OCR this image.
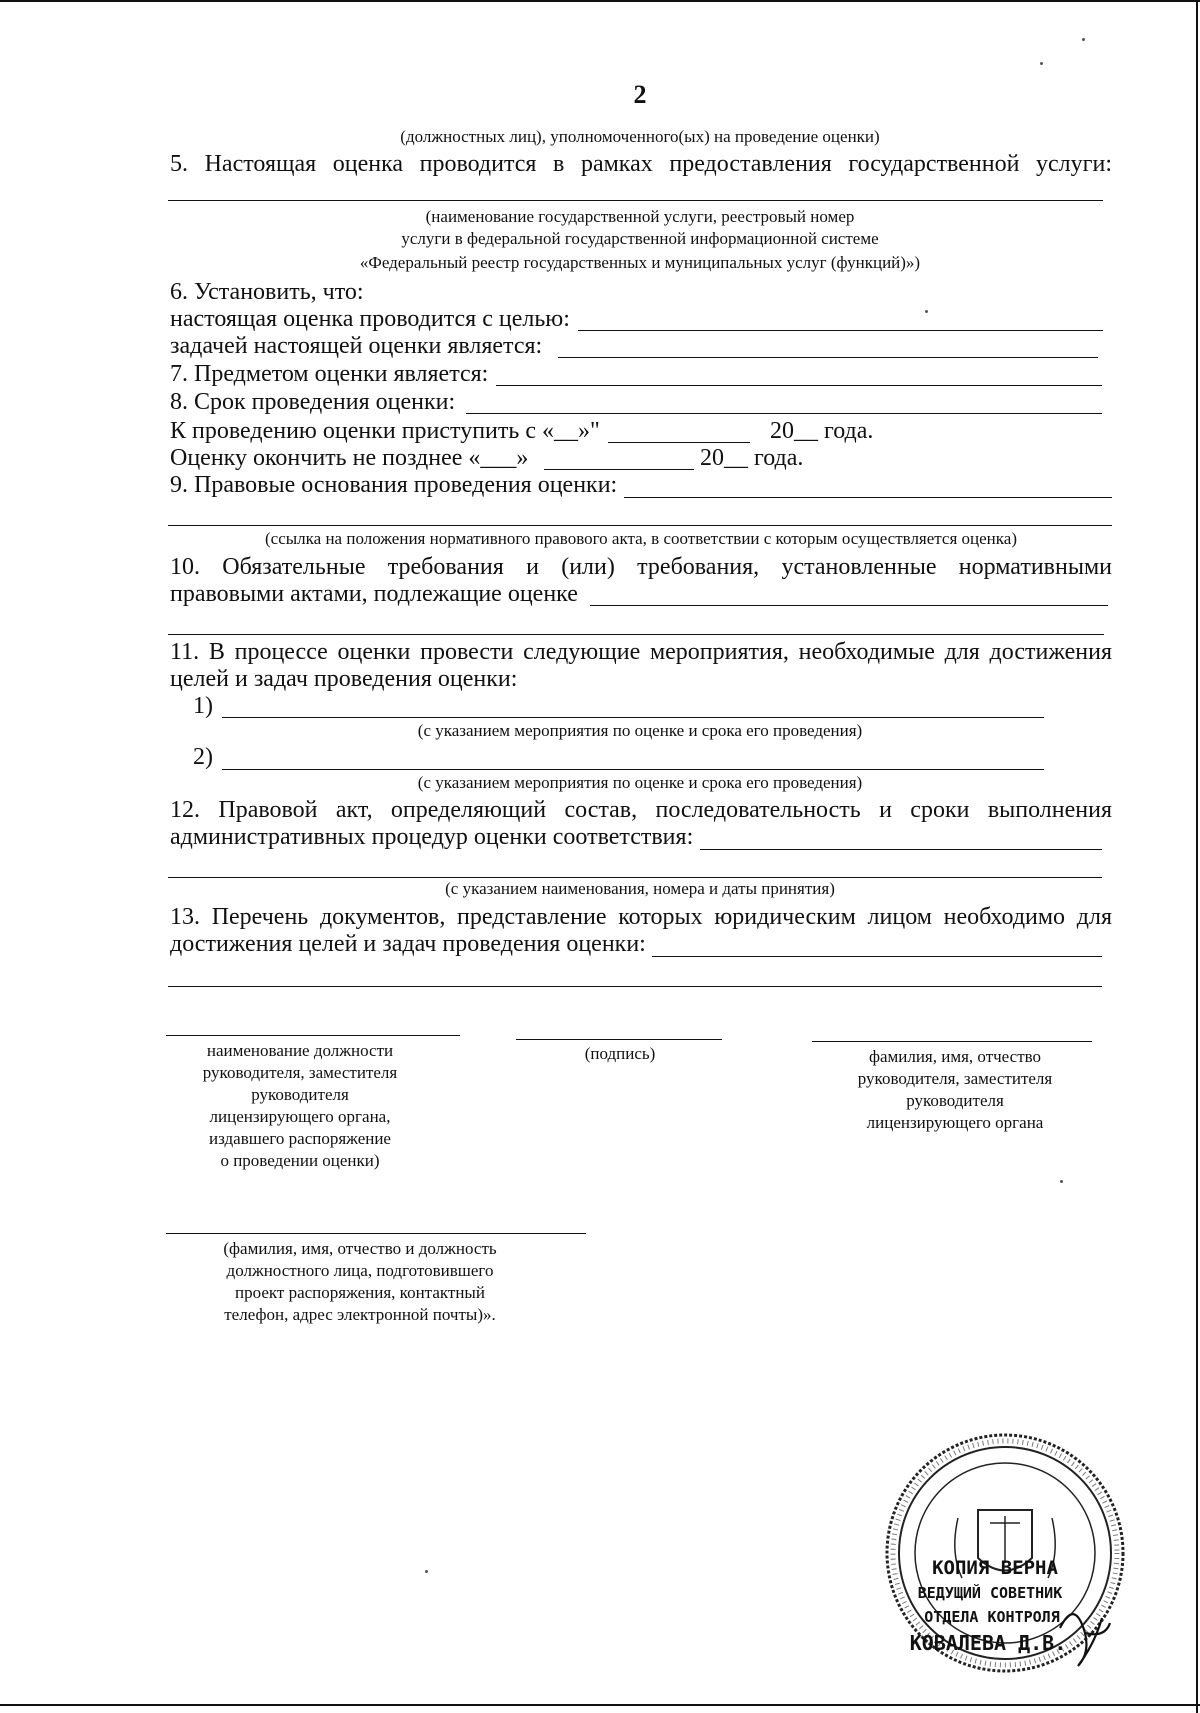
2
(должностных лиц), уполномоченного(ых) на проведение оценки)
5. Настоящая оценка проводится в рамках предоставления государственной услуги:
(наименование государственной услуги, реестровый номер
услуги в федеральной государственной информационной системе
«Федеральный реестр государственных и муниципальных услуг (функций)»)
6. Установить, что:
настоящая оценка проводится с целью:
задачей настоящей оценки является:
7. Предметом оценки является:
8. Срок проведения оценки:
К проведению оценки приступить с «__»"	20__ года.
Оценку окончить не позднее «___»	20__ года.
9. Правовые основания проведения оценки:
(ссылка на положения нормативного правового акта, в соответствии с которым осуществляется оценка)
10. Обязательные требования и (или) требования, установленные нормативными
правовыми актами, подлежащие оценке
11. В процессе оценки провести следующие мероприятия, необходимые для достижения
целей и задач проведения оценки:
1)
(с указанием мероприятия по оценке и срока его проведения)
2)
(с указанием мероприятия по оценке и срока его проведения)
12. Правовой акт, определяющий состав, последовательность и сроки выполнения
административных процедур оценки соответствия:
(с указанием наименования, номера и даты принятия)
13. Перечень документов, представление которых юридическим лицом необходимо для
достижения целей и задач проведения оценки:
наименование должности
руководителя, заместителя
руководителя
лицензирующего органа,
издавшего распоряжение
о проведении оценки)
(подпись)	фамилия, имя, отчество
руководителя, заместителя
руководителя
лицензирующего органа
(фамилия, имя, отчество и должность
должностного лица, подготовившего
проект распоряжения, контактный
телефон, адрес электронной почты)».
КОПИЯ ВЕРНА
ВЕДУЩИЙ СОВЕТНИК
ОТДЕЛА КОНТРОЛЯ
КОВАЛЕВА Д.В.
